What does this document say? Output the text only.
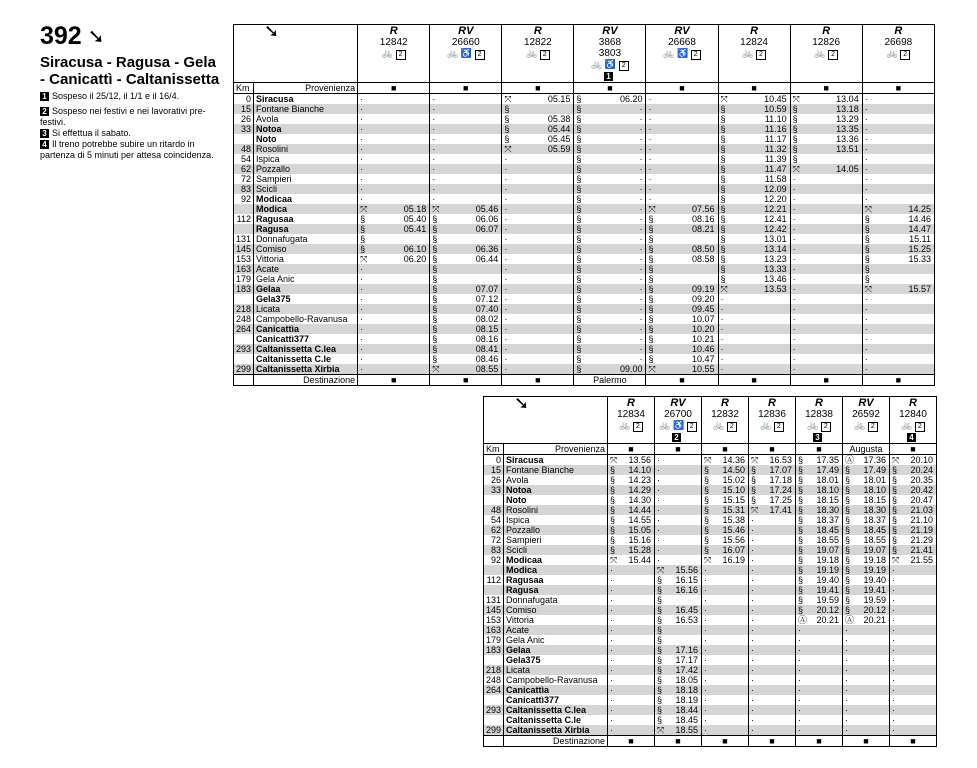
392 ➘
Siracusa - Ragusa - Gela - Canicattì - Caltanissetta
1 Sospeso il 25/12, il 1/1 e il 16/4.
2 Sospeso nei festivi e nei lavorativi pre-festivi.
3 Si effettua il sabato.
4 Il treno potrebbe subire un ritardo in partenza di 5 minuti per attesa coincidenza.
➘		R
12842
🚲 2		RV
26660
🚲 ♿ 2		R
12822
🚲 2		RV
3868
3803
🚲 ♿ 2
1		RV
26668
🚲 ♿ 2		R
12824
🚲 2		R
12826
🚲 2		R
26698
🚲 2	

Km	Provenienza	■		■		■		■		■		■		■		■	
0	Siracusa	·		·		⤧	05.15	§	06.20	·		⤧	10.45	⤧	13.04	·	
15	Fontane Bianche	·		·		§		§	·	·		§	10.59	§	13.18	·	
26	Avola	·		·		§	05.38	§	·	·		§	11.10	§	13.29	·	
33	Notoa	·		·		§	05.44	§	·	·		§	11.16	§	13.35	·	
	Noto	·		·		§	05.45	§	·	·		§	11.17	§	13.36	·	
48	Rosolini	·		·		⤧	05.59	§	·	·		§	11.32	§	13.51	·	
54	Ispica	·		·		·		§	·	·		§	11.39	§		·	
62	Pozzallo	·		·		·		§	·	·		§	11.47	⤧	14.05	·	
72	Sampieri	·		·		·		§	·	·		§	11.58	·		·	
83	Scicli	·		·		·		§	·	·		§	12.09	·		·	
92	Modicaa	·		·		·		§	·	·		§	12.20	·		·	
	Modica	⤧	05.18	⤧	05.46	·		§	·	⤧	07.56	§	12.21	·		⤧	14.25
112	Ragusaa	§	05.40	§	06.06	·		§	·	§	08.16	§	12.41	·		§	14.46
	Ragusa	§	05.41	§	06.07	·		§	·	§	08.21	§	12.42	·		§	14.47
131	Donnafugata	§		§		·		§	·	§		§	13.01	·		§	15.11
145	Comiso	§	06.10	§	06.36	·		§	·	§	08.50	§	13.14	·		§	15.25
153	Vittoria	⤧	06.20	§	06.44	·		§	·	§	08.58	§	13.23	·		§	15.33
163	Acate	·		§		·		§	·	§		§	13.33	·		§	
179	Gela Anic	·		§		·		§	·	§		§	13.46	·		§	
183	Gelaa	·		§	07.07	·		§	·	§	09.19	⤧	13.53	·		⤧	15.57
	Gela375	·		§	07.12	·		§	·	§	09.20	·		·		·	
218	Licata	·		§	07.40	·		§	·	§	09.45	·		·		·	
248	Campobello-Ravanusa	·		§	08.02	·		§	·	§	10.07	·		·		·	
264	Canicattìa	·		§	08.15	·		§	·	§	10.20	·		·		·	
	Canicattì377	·		§	08.16	·		§	·	§	10.21	·		·		·	
293	Caltanissetta C.lea	·		§	08.41	·		§	·	§	10.46	·		·		·	
	Caltanissetta C.le	·		§	08.46	·		§	·	§	10.47	·		·		·	
299	Caltanissetta Xirbia	·		⤧	08.55	·		§	09.00	⤧	10.55	·		·		·	
	Destinazione	■		■		■		Palermo		■		■		■		■	
➘		R
12834
🚲 2		RV
26700
🚲 ♿ 2
2		R
12832
🚲 2		R
12836
🚲 2		R
12838
🚲 2
3		RV
26592
🚲 2		R
12840
🚲 2
4	
Km	Provenienza	■		■		■		■		■		Augusta		■	
0	Siracusa	⤧	13.56	·		⤧	14.36	⤧	16.53	§	17.35	Ⓐ	17.36	⤧	20.10
15	Fontane Bianche	§	14.10	·		§	14.50	§	17.07	§	17.49	§	17.49	§	20.24
26	Avola	§	14.23	·		§	15.02	§	17.18	§	18.01	§	18.01	§	20.35
33	Notoa	§	14.29	·		§	15.10	§	17.24	§	18.10	§	18.10	§	20.42
	Noto	§	14.30	·		§	15.15	§	17.25	§	18.15	§	18.15	§	20.47
48	Rosolini	§	14.44	·		§	15.31	⤧	17.41	§	18.30	§	18.30	§	21.03
54	Ispica	§	14.55	·		§	15.38	·		§	18.37	§	18.37	§	21.10
62	Pozzallo	§	15.05	·		§	15.46	·		§	18.45	§	18.45	§	21.19
72	Sampieri	§	15.16	·		§	15.56	·		§	18.55	§	18.55	§	21.29
83	Scicli	§	15.28	·		§	16.07	·		§	19.07	§	19.07	§	21.41
92	Modicaa	⤧	15.44	·		⤧	16.19	·		§	19.18	§	19.18	⤧	21.55
	Modica	·		⤧	15.56	·		·		§	19.19	§	19.19	·	
112	Ragusaa	·		§	16.15	·		·		§	19.40	§	19.40	·	
	Ragusa	·		§	16.16	·		·		§	19.41	§	19.41	·	
131	Donnafugata	·		§		·		·		§	19.59	§	19.59	·	
145	Comiso	·		§	16.45	·		·		§	20.12	§	20.12	·	
153	Vittoria	·		§	16.53	·		·		Ⓐ	20.21	Ⓐ	20.21	·	
163	Acate	·		§		·		·		·		·		·	
179	Gela Anic	·		§		·		·		·		·		·	
183	Gelaa	·		§	17.16	·		·		·		·		·	
	Gela375	·		§	17.17	·		·		·		·		·	
218	Licata	·		§	17.42	·		·		·		·		·	
248	Campobello-Ravanusa	·		§	18.05	·		·		·		·		·	
264	Canicattìa	·		§	18.18	·		·		·		·		·	
	Canicattì377	·		§	18.19	·		·		·		·		·	
293	Caltanissetta C.lea	·		§	18.44	·		·		·		·		·	
	Caltanissetta C.le	·		§	18.45	·		·		·		·		·	
299	Caltanissetta Xirbia	·		⤧	18.55	·		·		·		·		·	
	Destinazione	■		■		■		■		■		■		■	
